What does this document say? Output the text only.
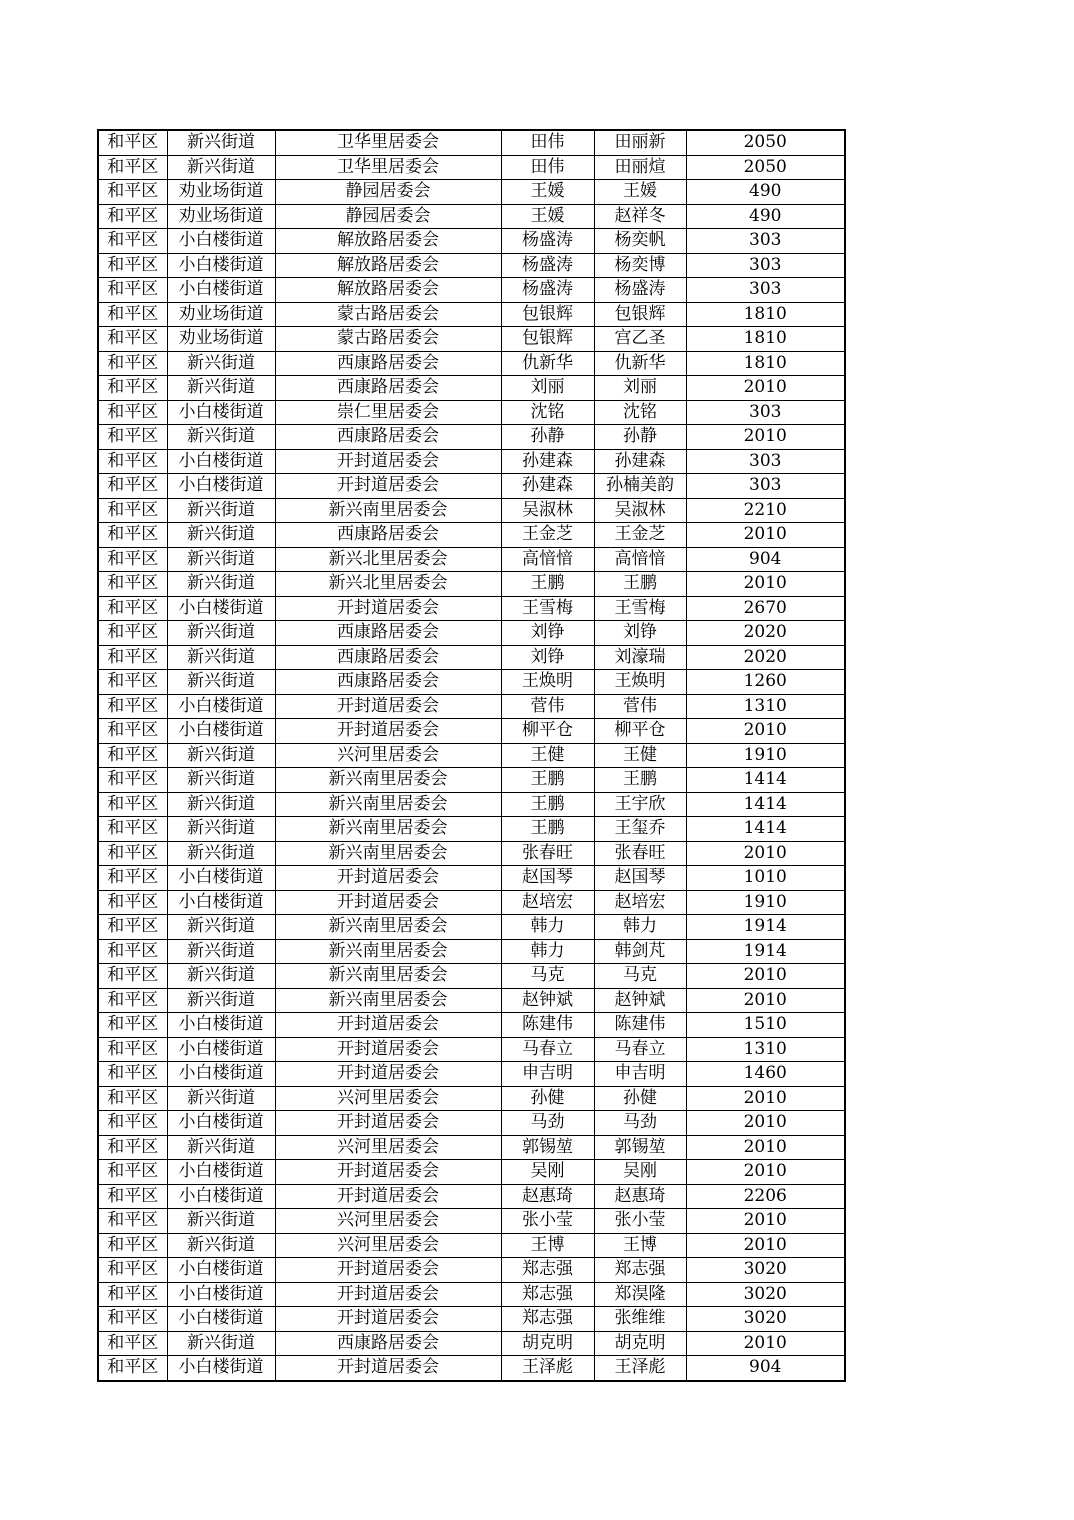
和平区	新兴街道	卫华里居委会	田伟	田丽新	2050
和平区	新兴街道	卫华里居委会	田伟	田丽煊	2050
和平区	劝业场街道	静园居委会	王媛	王媛	490
和平区	劝业场街道	静园居委会	王媛	赵祥冬	490
和平区	小白楼街道	解放路居委会	杨盛涛	杨奕帆	303
和平区	小白楼街道	解放路居委会	杨盛涛	杨奕博	303
和平区	小白楼街道	解放路居委会	杨盛涛	杨盛涛	303
和平区	劝业场街道	蒙古路居委会	包银辉	包银辉	1810
和平区	劝业场街道	蒙古路居委会	包银辉	宫乙圣	1810
和平区	新兴街道	西康路居委会	仇新华	仇新华	1810
和平区	新兴街道	西康路居委会	刘丽	刘丽	2010
和平区	小白楼街道	崇仁里居委会	沈铭	沈铭	303
和平区	新兴街道	西康路居委会	孙静	孙静	2010
和平区	小白楼街道	开封道居委会	孙建森	孙建森	303
和平区	小白楼街道	开封道居委会	孙建森	孙楠美韵	303
和平区	新兴街道	新兴南里居委会	吴淑林	吴淑林	2210
和平区	新兴街道	西康路居委会	王金芝	王金芝	2010
和平区	新兴街道	新兴北里居委会	高愔愔	高愔愔	904
和平区	新兴街道	新兴北里居委会	王鹏	王鹏	2010
和平区	小白楼街道	开封道居委会	王雪梅	王雪梅	2670
和平区	新兴街道	西康路居委会	刘铮	刘铮	2020
和平区	新兴街道	西康路居委会	刘铮	刘濠瑞	2020
和平区	新兴街道	西康路居委会	王焕明	王焕明	1260
和平区	小白楼街道	开封道居委会	菅伟	菅伟	1310
和平区	小白楼街道	开封道居委会	柳平仓	柳平仓	2010
和平区	新兴街道	兴河里居委会	王健	王健	1910
和平区	新兴街道	新兴南里居委会	王鹏	王鹏	1414
和平区	新兴街道	新兴南里居委会	王鹏	王宇欣	1414
和平区	新兴街道	新兴南里居委会	王鹏	王玺乔	1414
和平区	新兴街道	新兴南里居委会	张春旺	张春旺	2010
和平区	小白楼街道	开封道居委会	赵国琴	赵国琴	1010
和平区	小白楼街道	开封道居委会	赵培宏	赵培宏	1910
和平区	新兴街道	新兴南里居委会	韩力	韩力	1914
和平区	新兴街道	新兴南里居委会	韩力	韩剑芃	1914
和平区	新兴街道	新兴南里居委会	马克	马克	2010
和平区	新兴街道	新兴南里居委会	赵钟斌	赵钟斌	2010
和平区	小白楼街道	开封道居委会	陈建伟	陈建伟	1510
和平区	小白楼街道	开封道居委会	马春立	马春立	1310
和平区	小白楼街道	开封道居委会	申吉明	申吉明	1460
和平区	新兴街道	兴河里居委会	孙健	孙健	2010
和平区	小白楼街道	开封道居委会	马劲	马劲	2010
和平区	新兴街道	兴河里居委会	郭锡堃	郭锡堃	2010
和平区	小白楼街道	开封道居委会	吴刚	吴刚	2010
和平区	小白楼街道	开封道居委会	赵惠琦	赵惠琦	2206
和平区	新兴街道	兴河里居委会	张小莹	张小莹	2010
和平区	新兴街道	兴河里居委会	王博	王博	2010
和平区	小白楼街道	开封道居委会	郑志强	郑志强	3020
和平区	小白楼街道	开封道居委会	郑志强	郑淏隆	3020
和平区	小白楼街道	开封道居委会	郑志强	张维维	3020
和平区	新兴街道	西康路居委会	胡克明	胡克明	2010
和平区	小白楼街道	开封道居委会	王泽彪	王泽彪	904
